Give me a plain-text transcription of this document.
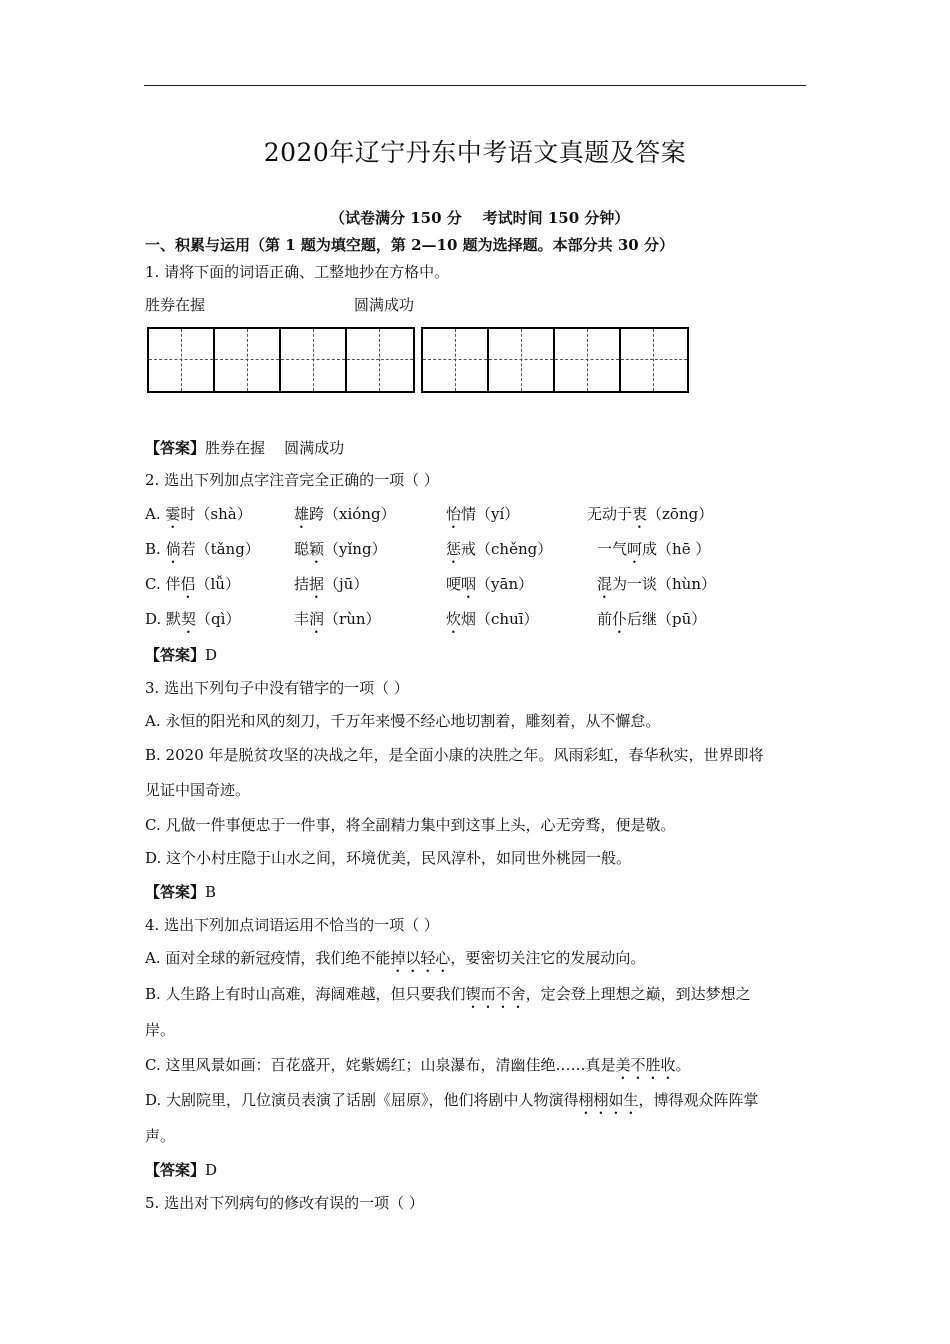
2020年辽宁丹东中考语文真题及答案
（试卷满分 150 分    考试时间 150 分钟）
一、积累与运用（第 1 题为填空题，第 2—10 题为选择题。本部分共 30 分）
1. 请将下面的词语正确、工整地抄在方格中。
胜券在握	圆满成功
【答案】胜券在握    圆满成功
2. 选出下列加点字注音完全正确的一项（ ）
A. 霎时（shà）	雄跨（xióng）	怡情（yí）	无动于衷（zōng）
B. 倘若（tǎng） 聪颖（yǐng）	惩戒（chěng）	一气呵成（hē ）
C. 伴侣（lǚ）	拮据（jū）	哽咽（yān）	混为一谈（hùn）
D. 默契（qì）	丰润（rùn）	炊烟（chuī）	前仆后继（pū）
【答案】D
3. 选出下列句子中没有错字的一项（ ）
A. 永恒的阳光和风的刻刀，千万年来慢不经心地切割着，雕刻着，从不懈怠。
B. 2020 年是脱贫攻坚的决战之年，是全面小康的决胜之年。风雨彩虹，春华秋实，世界即将
见证中国奇迹。
C. 凡做一件事便忠于一件事，将全副精力集中到这事上头，心无旁骛，便是敬。
D. 这个小村庄隐于山水之间，环境优美，民风淳朴，如同世外桃园一般。
【答案】B
4. 选出下列加点词语运用不恰当的一项（ ）
A. 面对全球的新冠疫情，我们绝不能掉以轻心，要密切关注它的发展动向。
B. 人生路上有时山高难，海阔难越，但只要我们锲而不舍，定会登上理想之巅，到达梦想之
岸。
C. 这里风景如画：百花盛开，姹紫嫣红；山泉瀑布，清幽佳绝……真是美不胜收。
D. 大剧院里，几位演员表演了话剧《屈原》，他们将剧中人物演得栩栩如生，博得观众阵阵掌
声。
【答案】D
5. 选出对下列病句的修改有误的一项（ ）
